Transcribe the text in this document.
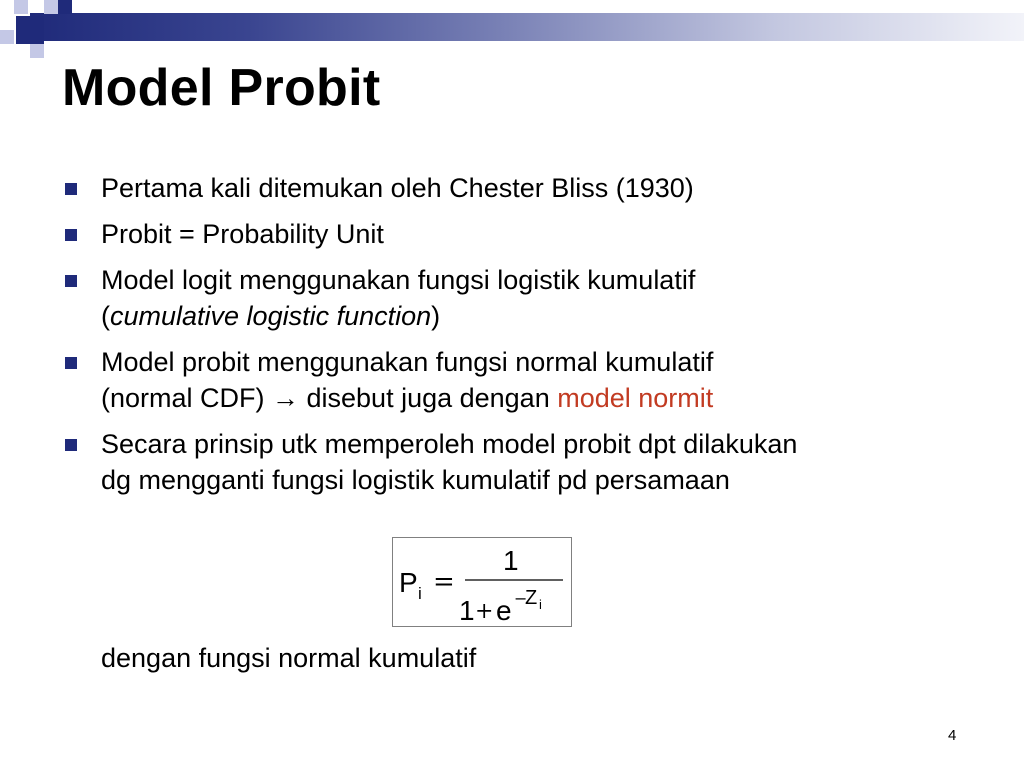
Model Probit
Pertama kali ditemukan oleh Chester Bliss (1930)
Probit = Probability Unit
Model logit menggunakan fungsi logistik kumulatif
(cumulative logistic function)
Model probit menggunakan fungsi normal kumulatif
(normal CDF) → disebut juga dengan model normit
Secara prinsip utk memperoleh model probit dpt dilakukan
dg mengganti fungsi logistik kumulatif pd persamaan
P i =
1
1 + e −
Z i
dengan fungsi normal kumulatif
4
